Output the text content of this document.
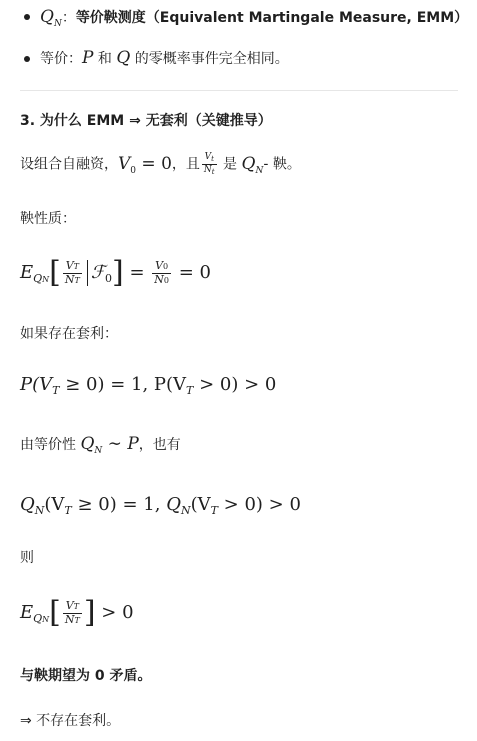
$Q_N$：等价鞅测度（Equivalent Martingale Measure, EMM）
等价：P 和 Q 的零概率事件完全相同。
3. 为什么 EMM ⇒ 无套利（关键推导）
设组合自融资，$V_0 = 0$，且 $\frac{V_t}{N_t}$ 是 $Q_N-$ 鞅。
鞅性质：
$E_{QN}[ \frac{VT}{NT}$ ℱ$_0$] = $\frac{V0}{N0} = 0$
如果存在套利：
$P(V_T \ge 0) = 1$, $P(V_T > 0) > 0$
由等价性 $Q_N$ ∼ P，也有
$Q_N(V_T \ge 0) = 1$, $Q_N(V_T > 0) > 0$
则
$E_{QN}[ \frac{VT}{NT}$ ] > 0
与鞅期望为 0 矛盾。
⇒ 不存在套利。
